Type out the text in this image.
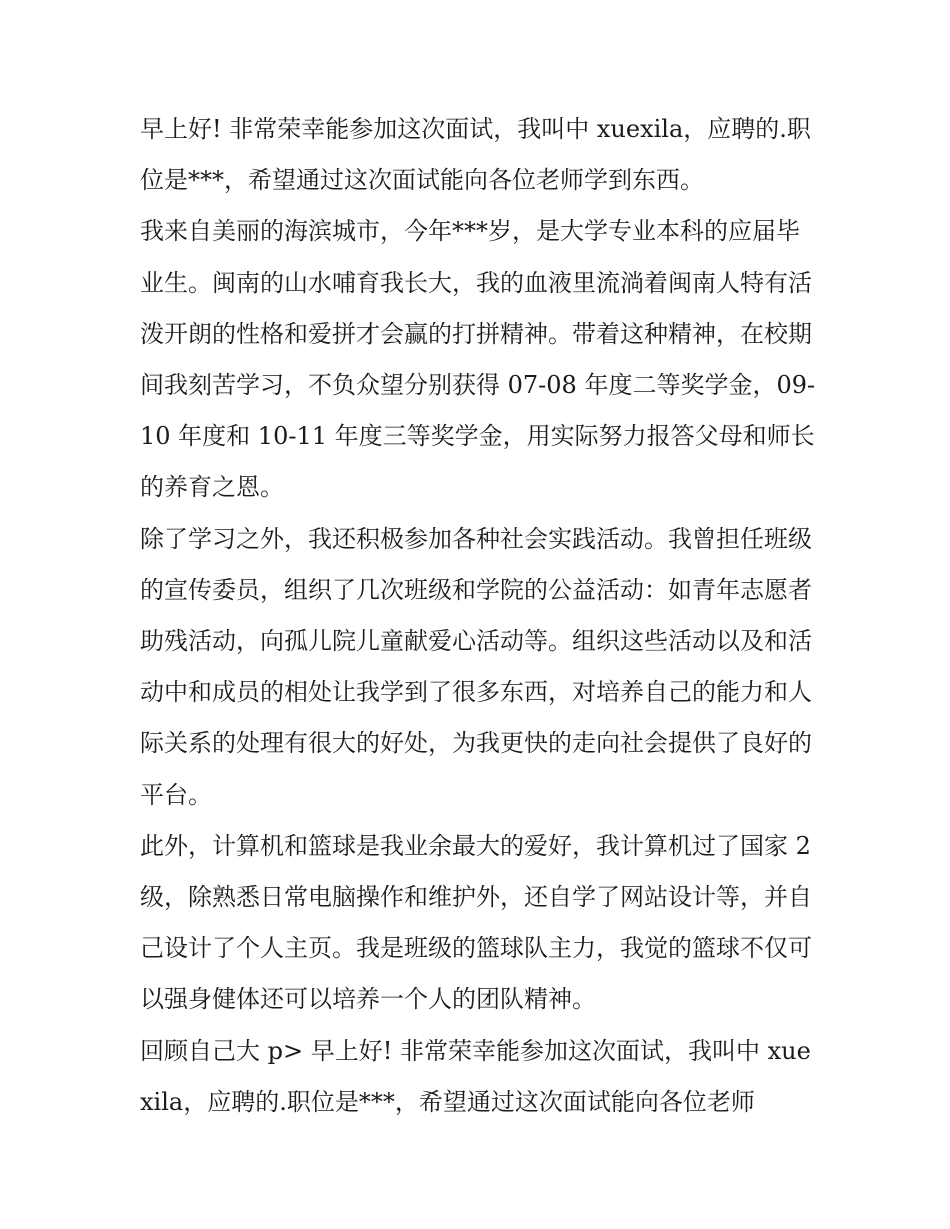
早上好! 非常荣幸能参加这次面试，我叫中 xuexila，应聘的.职位是***，希望通过这次面试能向各位老师学到东西。

我来自美丽的海滨城市，今年***岁，是大学专业本科的应届毕业生。闽南的山水哺育我长大，我的血液里流淌着闽南人特有活泼开朗的性格和爱拼才会赢的打拼精神。带着这种精神，在校期间我刻苦学习，不负众望分别获得 07-08 年度二等奖学金，09-10 年度和 10-11 年度三等奖学金，用实际努力报答父母和师长的养育之恩。

除了学习之外，我还积极参加各种社会实践活动。我曾担任班级的宣传委员，组织了几次班级和学院的公益活动：如青年志愿者助残活动，向孤儿院儿童献爱心活动等。组织这些活动以及和活动中和成员的相处让我学到了很多东西，对培养自己的能力和人际关系的处理有很大的好处，为我更快的走向社会提供了良好的平台。

此外，计算机和篮球是我业余最大的爱好，我计算机过了国家 2 级，除熟悉日常电脑操作和维护外，还自学了网站设计等，并自己设计了个人主页。我是班级的篮球队主力，我觉的篮球不仅可以强身健体还可以培养一个人的团队精神。

回顾自己大 p> 早上好! 非常荣幸能参加这次面试，我叫中 xuexila，应聘的.职位是***，希望通过这次面试能向各位老师
